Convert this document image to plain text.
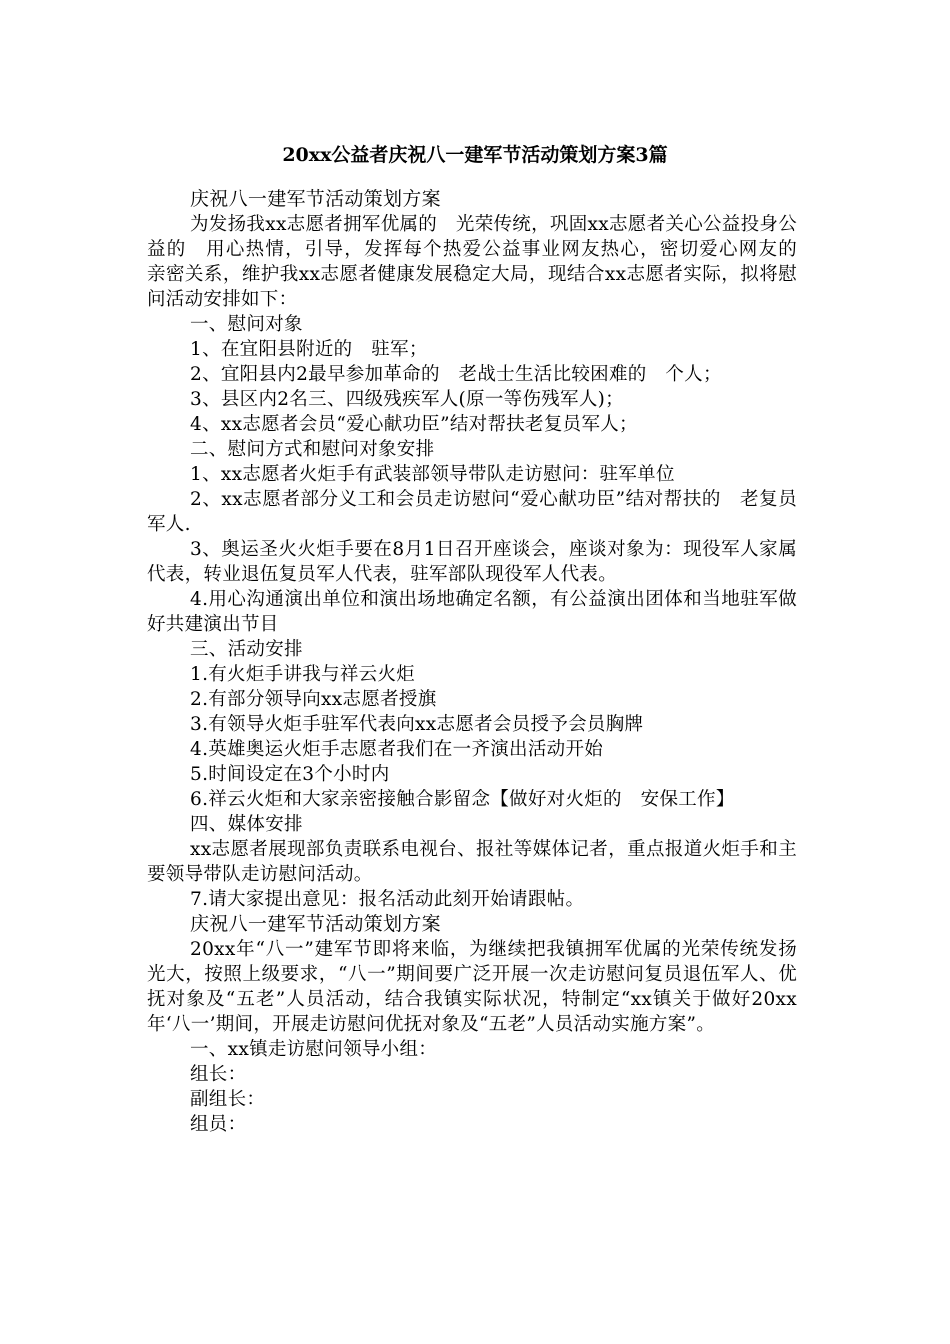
20xx公益者庆祝八一建军节活动策划方案3篇

庆祝八一建军节活动策划方案

为发扬我xx志愿者拥军优属的　光荣传统，巩固xx志愿者关心公益投身公益的　用心热情，引导，发挥每个热爱公益事业网友热心，密切爱心网友的　亲密关系，维护我xx志愿者健康发展稳定大局，现结合xx志愿者实际，拟将慰问活动安排如下：

一、慰问对象

1、在宜阳县附近的　驻军；

2、宜阳县内2最早参加革命的　老战士生活比较困难的　个人；

3、县区内2名三、四级残疾军人(原一等伤残军人)；

4、xx志愿者会员“爱心献功臣”结对帮扶老复员军人；

二、慰问方式和慰问对象安排

1、xx志愿者火炬手有武装部领导带队走访慰问：驻军单位

2、xx志愿者部分义工和会员走访慰问“爱心献功臣”结对帮扶的　老复员军人.

3、奥运圣火火炬手要在8月1日召开座谈会，座谈对象为：现役军人家属代表，转业退伍复员军人代表，驻军部队现役军人代表。

4.用心沟通演出单位和演出场地确定名额，有公益演出团体和当地驻军做好共建演出节目

三、活动安排

1.有火炬手讲我与祥云火炬

2.有部分领导向xx志愿者授旗

3.有领导火炬手驻军代表向xx志愿者会员授予会员胸牌

4.英雄奥运火炬手志愿者我们在一齐演出活动开始

5.时间设定在3个小时内

6.祥云火炬和大家亲密接触合影留念【做好对火炬的　安保工作】

四、媒体安排

xx志愿者展现部负责联系电视台、报社等媒体记者，重点报道火炬手和主要领导带队走访慰问活动。

7.请大家提出意见：报名活动此刻开始请跟帖。

庆祝八一建军节活动策划方案

20xx年“八一”建军节即将来临，为继续把我镇拥军优属的光荣传统发扬光大，按照上级要求，“八一”期间要广泛开展一次走访慰问复员退伍军人、优抚对象及“五老”人员活动，结合我镇实际状况，特制定“xx镇关于做好20xx年‘八一’期间，开展走访慰问优抚对象及“五老”人员活动实施方案”。

一、xx镇走访慰问领导小组：

组长：

副组长：

组员：
